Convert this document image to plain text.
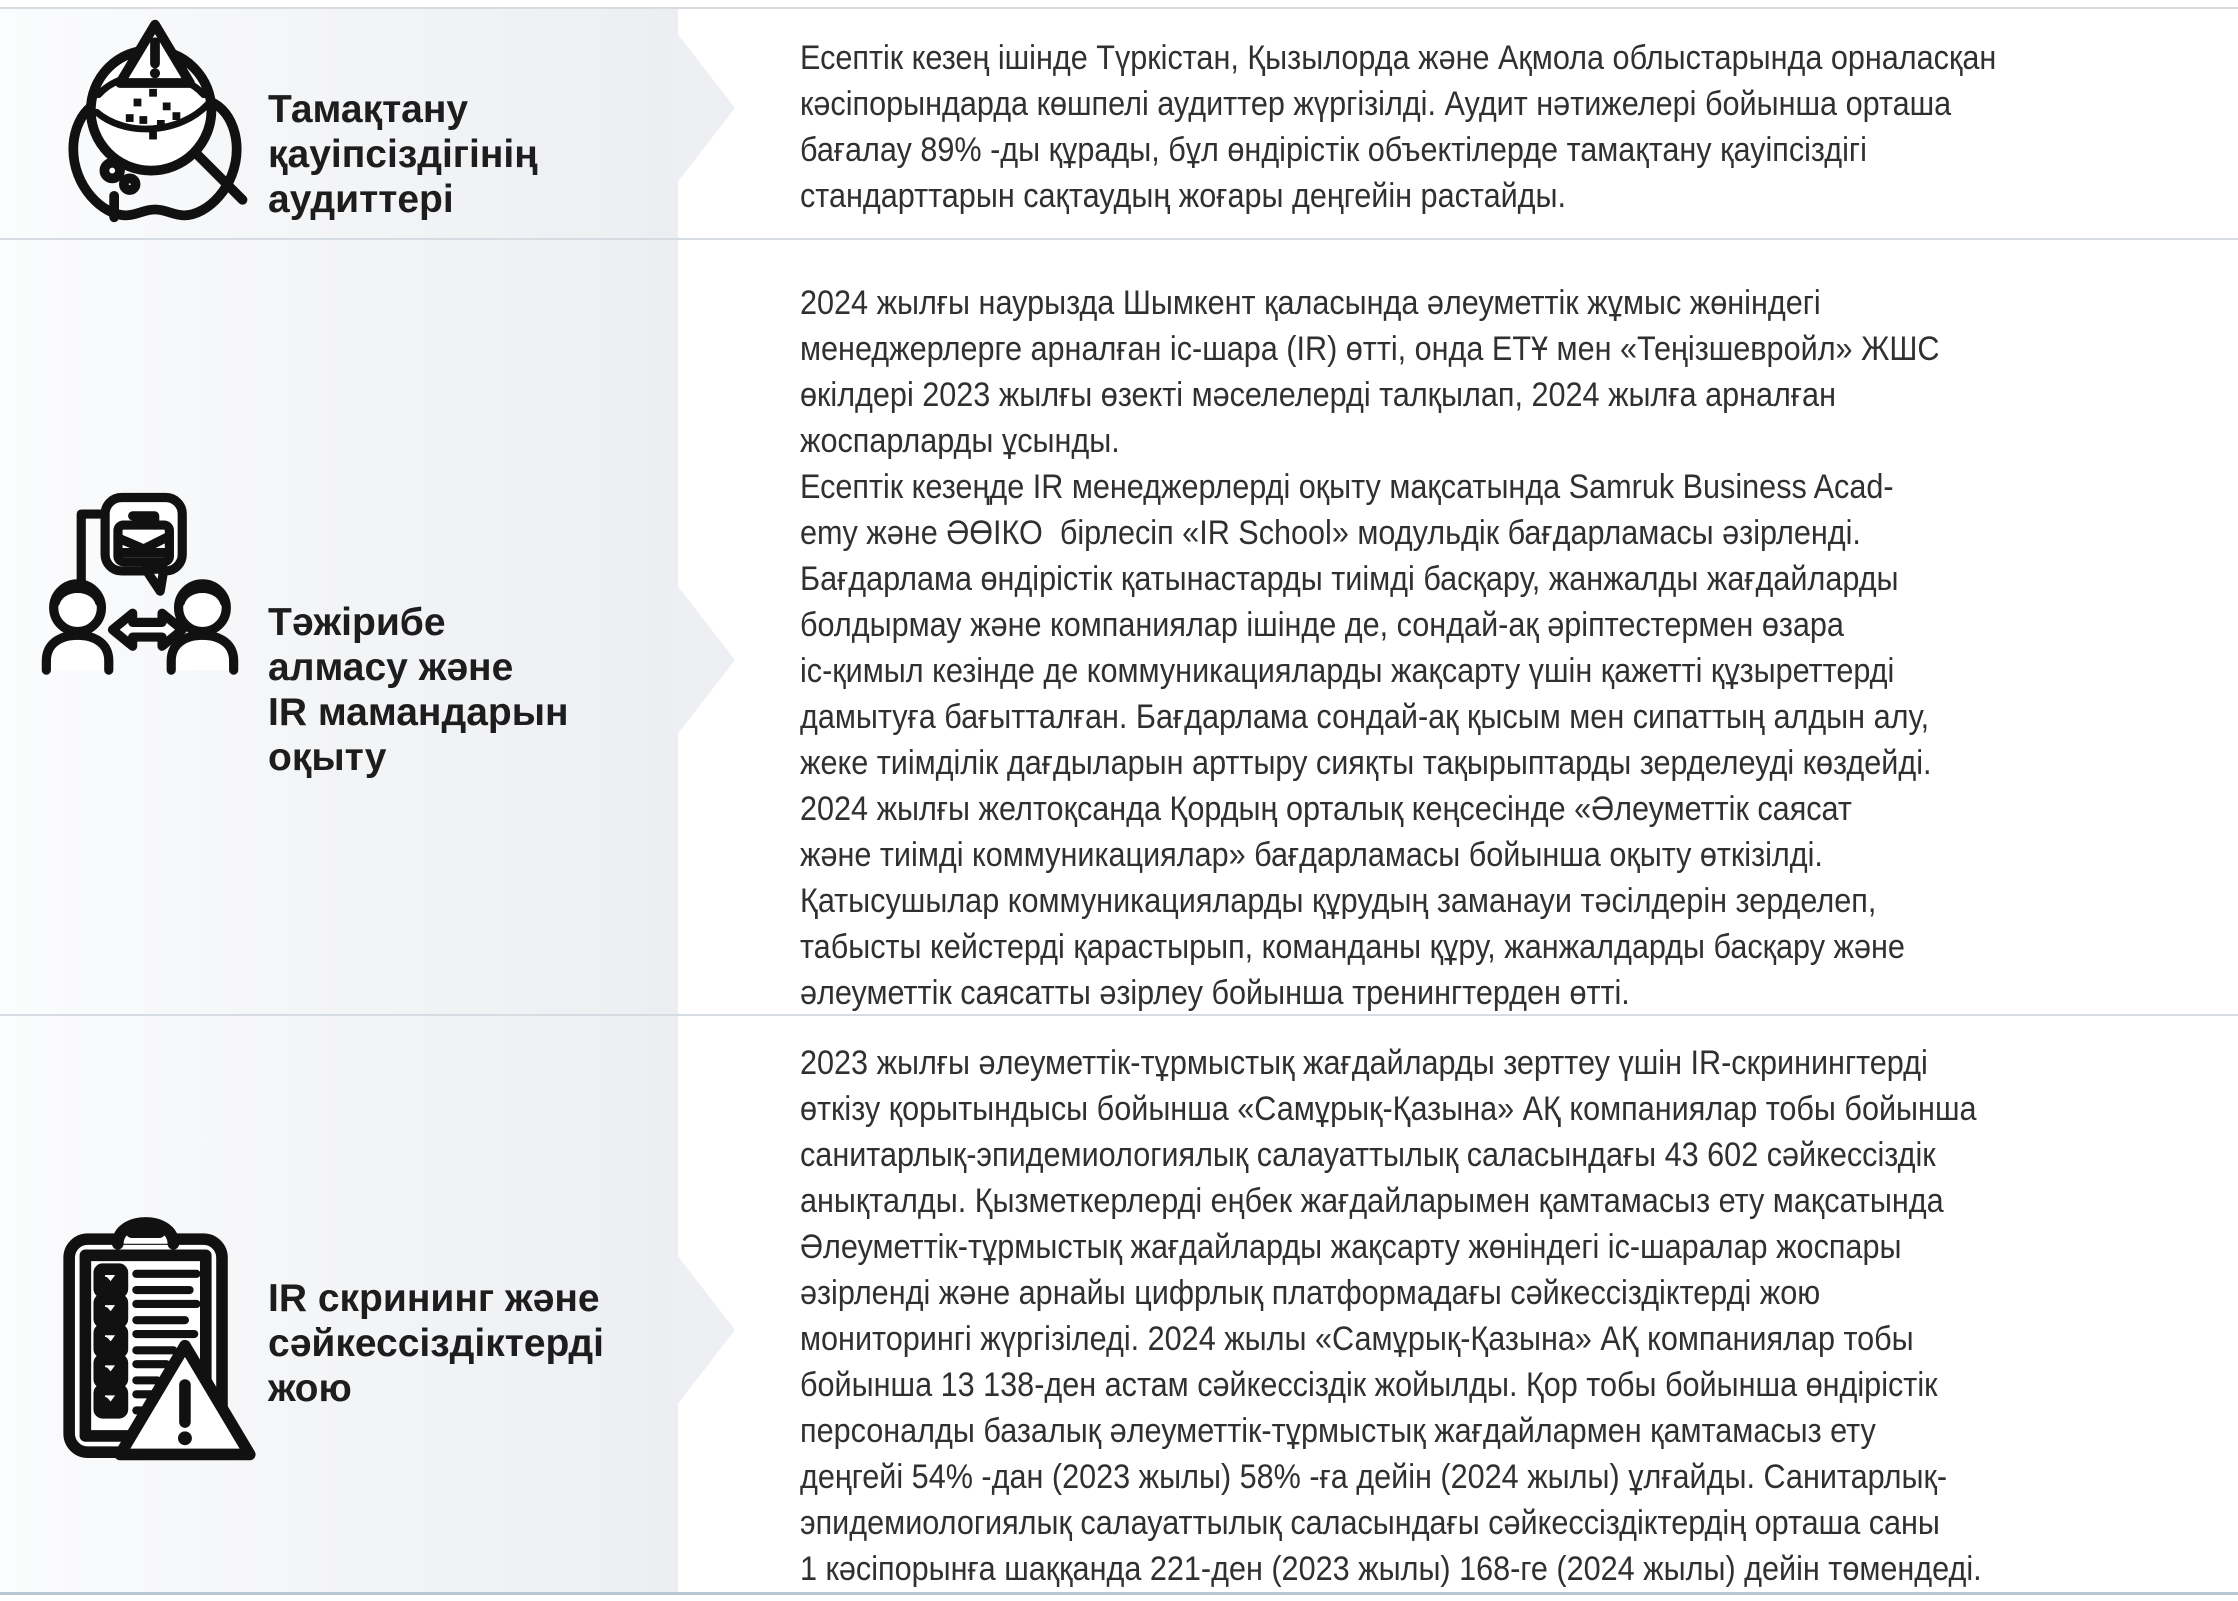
Тамақтану
қауіпсіздігінің
аудиттері
Есептік кезең ішінде Түркістан, Қызылорда және Ақмола облыстарында орналасқан
кәсіпорындарда көшпелі аудиттер жүргізілді. Аудит нәтижелері бойынша орташа
бағалау 89% -ды құрады, бұл өндірістік объектілерде тамақтану қауіпсіздігі
стандарттарын сақтаудың жоғары деңгейін растайды.
Тәжірибе
алмасу және
IR мамандарын
оқыту
2024 жылғы наурызда Шымкент қаласында әлеуметтік жұмыс жөніндегі
менеджерлерге арналған іс-шара (IR) өтті, онда ЕТҰ мен «Теңізшевройл» ЖШС
өкілдері 2023 жылғы өзекті мәселелерді талқылап, 2024 жылға арналған
жоспарларды ұсынды.
Есептік кезеңде IR менеджерлерді оқыту мақсатында Samruk Business Acad-
emy және ӘӨІКО  бірлесіп «IR School» модульдік бағдарламасы әзірленді.
Бағдарлама өндірістік қатынастарды тиімді басқару, жанжалды жағдайларды
болдырмау және компаниялар ішінде де, сондай-ақ әріптестермен өзара
іс-қимыл кезінде де коммуникацияларды жақсарту үшін қажетті құзыреттерді
дамытуға бағытталған. Бағдарлама сондай-ақ қысым мен сипаттың алдын алу,
жеке тиімділік дағдыларын арттыру сияқты тақырыптарды зерделеуді көздейді.
2024 жылғы желтоқсанда Қордың орталық кеңсесінде «Әлеуметтік саясат
және тиімді коммуникациялар» бағдарламасы бойынша оқыту өткізілді.
Қатысушылар коммуникацияларды құрудың заманауи тәсілдерін зерделеп,
табысты кейстерді қарастырып, команданы құру, жанжалдарды басқару және
әлеуметтік саясатты әзірлеу бойынша тренингтерден өтті.
IR скрининг және
сәйкессіздіктерді
жою
2023 жылғы әлеуметтік-тұрмыстық жағдайларды зерттеу үшін IR-скринингтерді
өткізу қорытындысы бойынша «Самұрық-Қазына» АҚ компаниялар тобы бойынша
санитарлық-эпидемиологиялық салауаттылық саласындағы 43 602 сәйкессіздік
анықталды. Қызметкерлерді еңбек жағдайларымен қамтамасыз ету мақсатында
Әлеуметтік-тұрмыстық жағдайларды жақсарту жөніндегі іс-шаралар жоспары
әзірленді және арнайы цифрлық платформадағы сәйкессіздіктерді жою
мониторингі жүргізіледі. 2024 жылы «Самұрық-Қазына» АҚ компаниялар тобы
бойынша 13 138-ден астам сәйкессіздік жойылды. Қор тобы бойынша өндірістік
персоналды базалық әлеуметтік-тұрмыстық жағдайлармен қамтамасыз ету
деңгейі 54% -дан (2023 жылы) 58% -ға дейін (2024 жылы) ұлғайды. Санитарлық-
эпидемиологиялық салауаттылық саласындағы сәйкессіздіктердің орташа саны
1 кәсіпорынға шаққанда 221-ден (2023 жылы) 168-ге (2024 жылы) дейін төмендеді.
